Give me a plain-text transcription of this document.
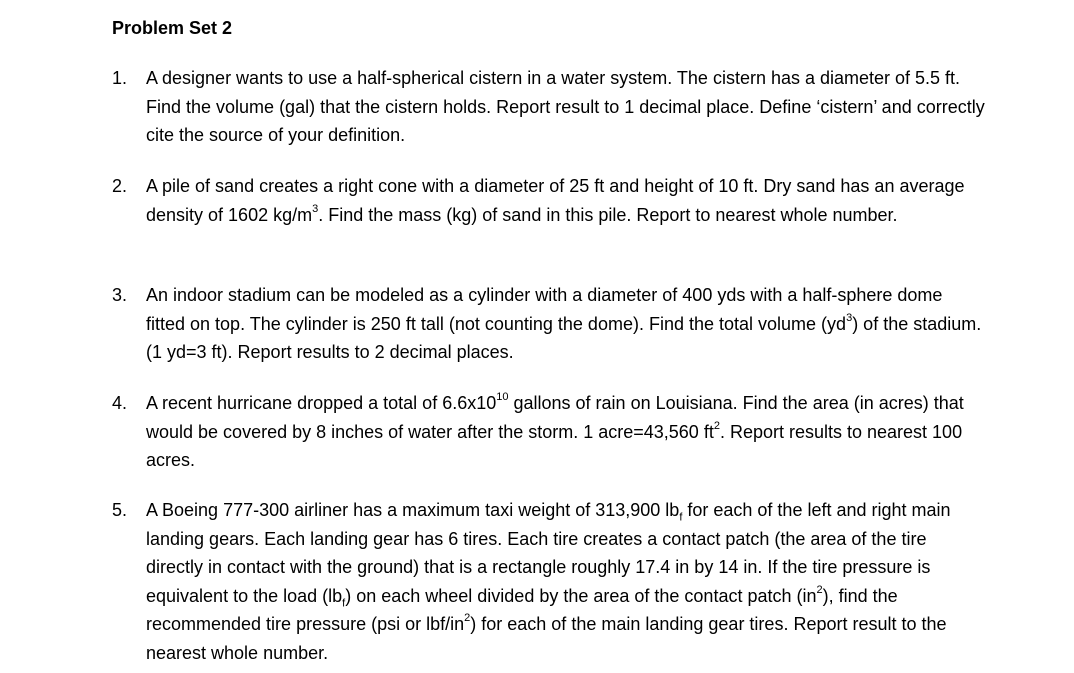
Problem Set 2
1.	A designer wants to use a half-spherical cistern in a water system. The cistern has a diameter of 5.5 ft. Find the volume (gal) that the cistern holds. Report result to 1 decimal place. Define ‘cistern’ and correctly cite the source of your definition.
2.	A pile of sand creates a right cone with a diameter of 25 ft and height of 10 ft. Dry sand has an average density of 1602 $kg/m^3$. Find the mass (kg) of sand in this pile. Report to nearest whole number.
3.	An indoor stadium can be modeled as a cylinder with a diameter of 400 yds with a half-sphere dome fitted on top. The cylinder is 250 ft tall (not counting the dome). Find the total volume $(yd^3)$ of the stadium. (1 yd=3 ft). Report results to 2 decimal places.
4.	A recent hurricane dropped a total of $6.6x10^{10}$ gallons of rain on Louisiana. Find the area (in acres) that would be covered by 8 inches of water after the storm. 1 acre=43,560 $ft^2$. Report results to nearest 100 acres.
5.	A Boeing 777-300 airliner has a maximum taxi weight of 313,900 $lb_f$ for each of the left and right main landing gears. Each landing gear has 6 tires. Each tire creates a contact patch (the area of the tire directly in contact with the ground) that is a rectangle roughly 17.4 in by 14 in. If the tire pressure is equivalent to the load $(lb_f)$ on each wheel divided by the area of the contact patch $(in^2)$, find the recommended tire pressure (psi or lbf/$in^2$) for each of the main landing gear tires. Report result to the nearest whole number.
